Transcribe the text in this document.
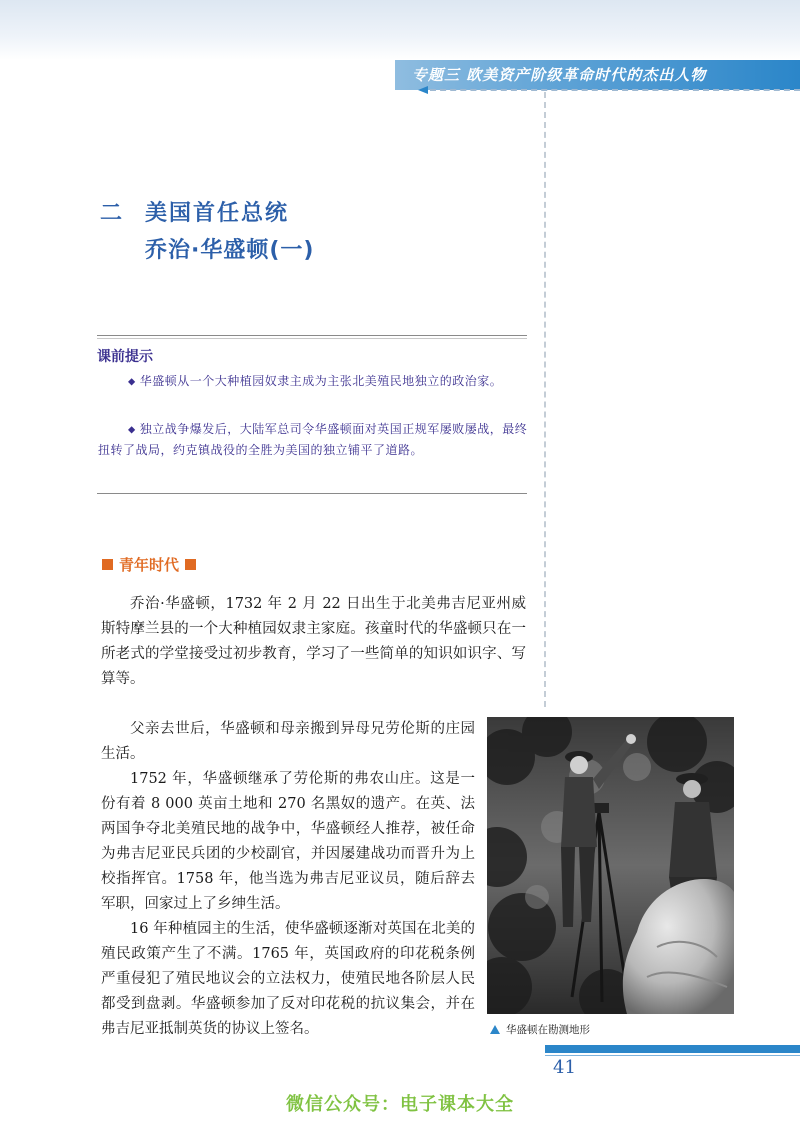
专题三 欧美资产阶级革命时代的杰出人物
二 美国首任总统
乔治·华盛顿(一)
课前提示
◆ 华盛顿从一个大种植园奴隶主成为主张北美殖民地独立的政治家。
◆ 独立战争爆发后，大陆军总司令华盛顿面对英国正规军屡败屡战，最终扭转了战局，约克镇战役的全胜为美国的独立铺平了道路。
青年时代

乔治·华盛顿，1732 年 2 月 22 日出生于北美弗吉尼亚州威斯特摩兰县的一个大种植园奴隶主家庭。孩童时代的华盛顿只在一所老式的学堂接受过初步教育，学习了一些简单的知识如识字、写算等。

父亲去世后，华盛顿和母亲搬到异母兄劳伦斯的庄园生活。

1752 年，华盛顿继承了劳伦斯的弗农山庄。这是一份有着 8 000 英亩土地和 270 名黑奴的遗产。在英、法两国争夺北美殖民地的战争中，华盛顿经人推荐，被任命为弗吉尼亚民兵团的少校副官，并因屡建战功而晋升为上校指挥官。1758 年，他当选为弗吉尼亚议员，随后辞去军职，回家过上了乡绅生活。

16 年种植园主的生活，使华盛顿逐渐对英国在北美的殖民政策产生了不满。1765 年，英国政府的印花税条例严重侵犯了殖民地议会的立法权力，使殖民地各阶层人民都受到盘剥。华盛顿参加了反对印花税的抗议集会，并在弗吉尼亚抵制英货的协议上签名。	华盛顿在勘测地形
41
微信公众号：电子课本大全
